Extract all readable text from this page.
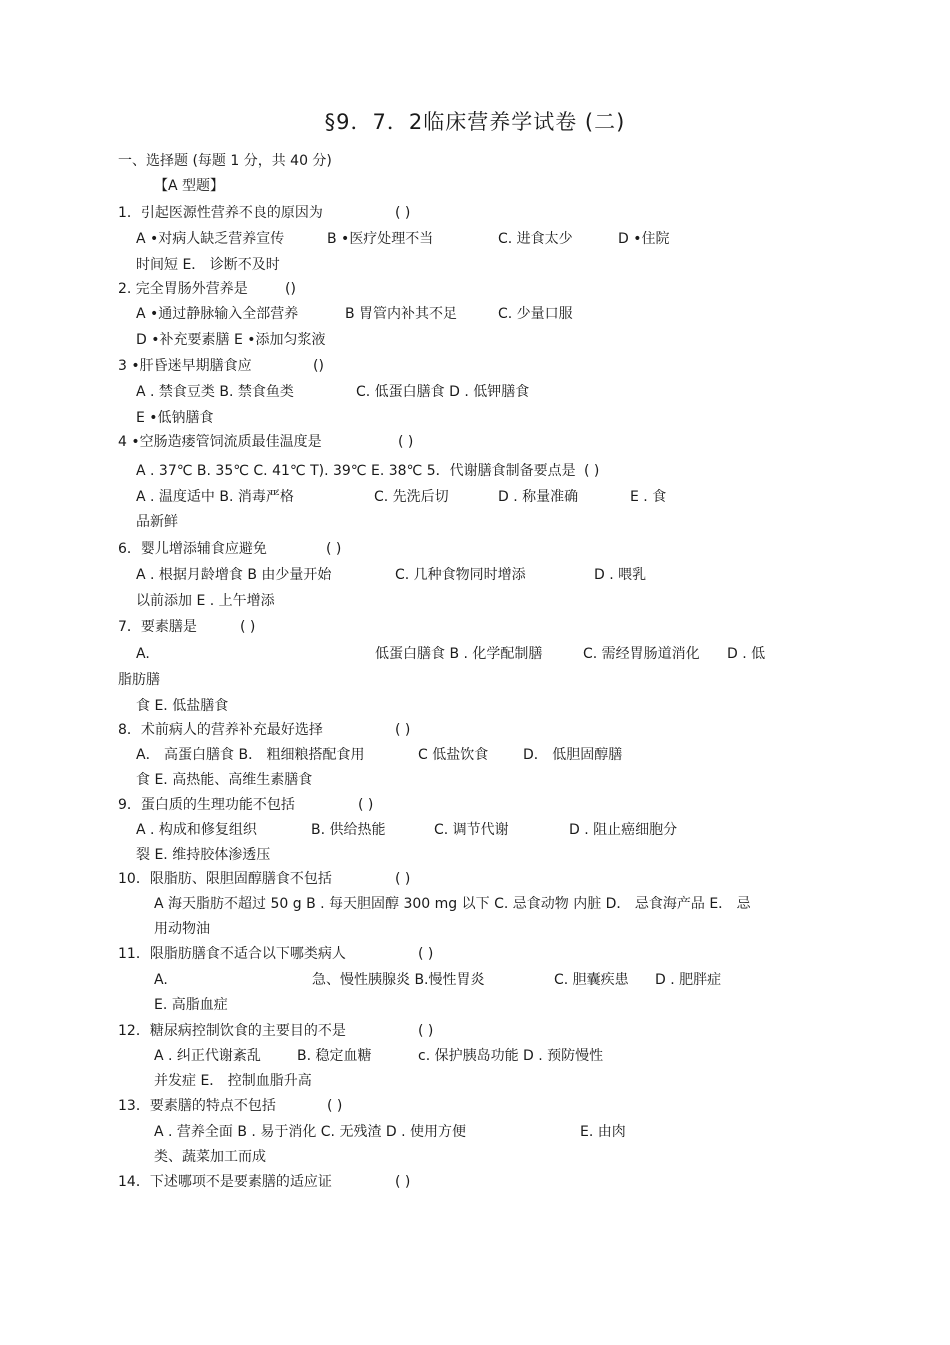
§9．7．2临床营养学试卷 (二)
一、选择题 (每题 1 分，共 40 分)
【A 型题】
1．引起医源性营养不良的原因为	( )
A •对病人缺乏营养宣传	B •医疗处理不当	C. 进食太少	D •住院
时间短 E． 诊断不及时
2. 完全胃肠外营养是	()
A •通过静脉输入全部营养	B 胃管内补其不足	C. 少量口服
D •补充要素膳 E •添加匀浆液
3 •肝昏迷早期膳食应	()
A . 禁食豆类 B. 禁食鱼类	C. 低蛋白膳食 D . 低钾膳食
E •低钠膳食
4 •空肠造瘘管饲流质最佳温度是	( )
A . 37℃ B. 35℃ C. 41℃ T). 39℃ E. 38℃ 5．代谢膳食制备要点是 ( )
A . 温度适中 B. 消毒严格	C. 先洗后切	D . 称量准确	E . 食
品新鲜
6．婴儿增添辅食应避免	( )
A . 根据月龄增食 B 由少量开始	C. 几种食物同时增添	D . 喂乳
以前添加 E . 上午增添
7．要素膳是	( )
A.	低蛋白膳食 B . 化学配制膳	C. 需经胃肠道消化 D . 低
脂肪膳
食 E. 低盐膳食
8．术前病人的营养补充最好选择	( )
A． 高蛋白膳食 B． 粗细粮搭配食用	C 低盐饮食 D． 低胆固醇膳
食 E. 高热能、高维生素膳食
9．蛋白质的生理功能不包括	( )
A . 构成和修复组织	B. 供给热能	C. 调节代谢	D . 阻止癌细胞分
裂 E. 维持胶体渗透压
10．限脂肪、限胆固醇膳食不包括	( )
A 海天脂肪不超过 50 g B . 每天胆固醇 300 mg 以下 C. 忌食动物 内脏 D． 忌食海产品 E． 忌
用动物油
11．限脂肪膳食不适合以下哪类病人	( )
A.	急、慢性胰腺炎 B.慢性胃炎	C. 胆囊疾患 D . 肥胖症
E. 高脂血症
12．糖尿病控制饮食的主要目的不是	( )
A . 纠正代谢紊乱	B. 稳定血糖	c. 保护胰岛功能 D . 预防慢性
并发症 E． 控制血脂升高
13．要素膳的特点不包括	( )
A . 营养全面 B . 易于消化 C. 无残渣 D . 使用方便	E. 由肉
类、蔬菜加工而成
14．下述哪项不是要素膳的适应证	( )
